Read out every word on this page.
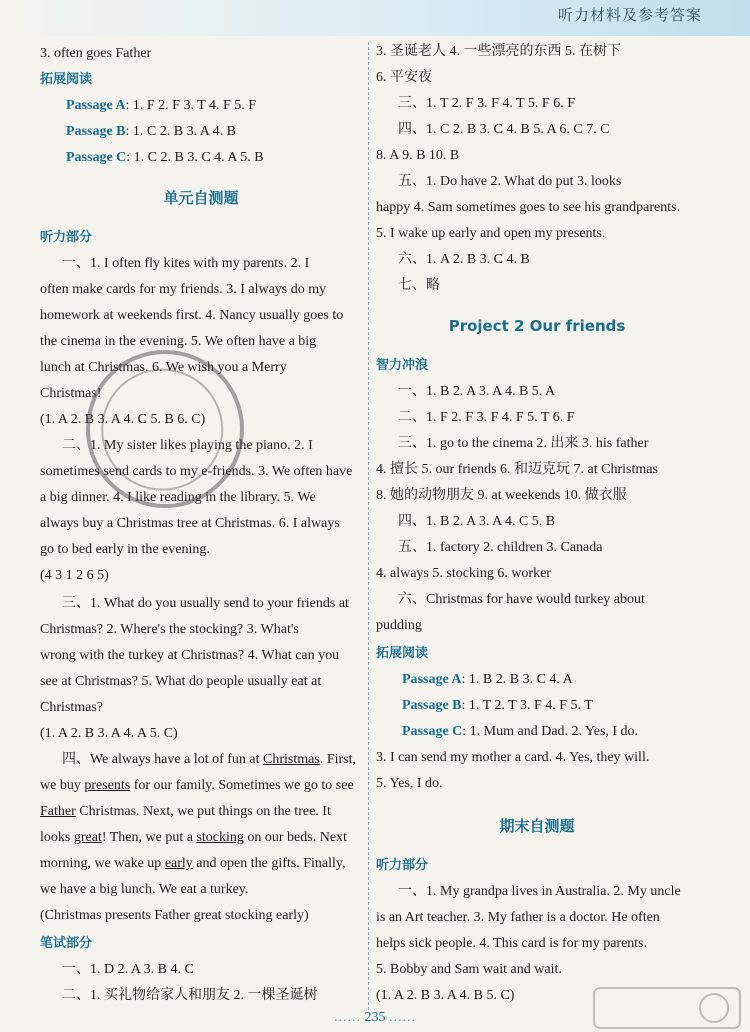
听力材料及参考答案
3. often goes Father
拓展阅读
Passage A: 1. F 2. F 3. T 4. F 5. F
Passage B: 1. C 2. B 3. A 4. B
Passage C: 1. C 2. B 3. C 4. A 5. B
单元自测题
听力部分
一、1. I often fly kites with my parents. 2. I
often make cards for my friends. 3. I always do my
homework at weekends first. 4. Nancy usually goes to
the cinema in the evening. 5. We often have a big
lunch at Christmas. 6. We wish you a Merry
Christmas!
(1. A 2. B 3. A 4. C 5. B 6. C)
二、1. My sister likes playing the piano. 2. I
sometimes send cards to my e-friends. 3. We often have
a big dinner. 4. I like reading in the library. 5. We
always buy a Christmas tree at Christmas. 6. I always
go to bed early in the evening.
(4 3 1 2 6 5)
三、1. What do you usually send to your friends at
Christmas? 2. Where's the stocking? 3. What's
wrong with the turkey at Christmas? 4. What can you
see at Christmas? 5. What do people usually eat at
Christmas?
(1. A 2. B 3. A 4. A 5. C)
四、We always have a lot of fun at Christmas. First,
we buy presents for our family. Sometimes we go to see
Father Christmas. Next, we put things on the tree. It
looks great! Then, we put a stocking on our beds. Next
morning, we wake up early and open the gifts. Finally,
we have a big lunch. We eat a turkey.
(Christmas presents Father great stocking early)
笔试部分
一、1. D 2. A 3. B 4. C
二、1. 买礼物给家人和朋友 2. 一棵圣诞树
3. 圣诞老人 4. 一些漂亮的东西 5. 在树下
6. 平安夜
三、1. T 2. F 3. F 4. T 5. F 6. F
四、1. C 2. B 3. C 4. B 5. A 6. C 7. C
8. A 9. B 10. B
五、1. Do have 2. What do put 3. looks
happy 4. Sam sometimes goes to see his grandparents.
5. I wake up early and open my presents.
六、1. A 2. B 3. C 4. B
七、略
Project 2 Our friends
智力冲浪
一、1. B 2. A 3. A 4. B 5. A
二、1. F 2. F 3. F 4. F 5. T 6. F
三、1. go to the cinema 2. 出来 3. his father
4. 擅长 5. our friends 6. 和迈克玩 7. at Christmas
8. 她的动物朋友 9. at weekends 10. 做衣服
四、1. B 2. A 3. A 4. C 5. B
五、1. factory 2. children 3. Canada
4. always 5. stocking 6. worker
六、Christmas for have would turkey about
pudding
拓展阅读
Passage A: 1. B 2. B 3. C 4. A
Passage B: 1. T 2. T 3. F 4. F 5. T
Passage C: 1. Mum and Dad. 2. Yes, I do.
3. I can send my mother a card. 4. Yes, they will.
5. Yes, I do.
期末自测题
听力部分
一、1. My grandpa lives in Australia. 2. My uncle
is an Art teacher. 3. My father is a doctor. He often
helps sick people. 4. This card is for my parents.
5. Bobby and Sam wait and wait.
(1. A 2. B 3. A 4. B 5. C)
...... 235 ......
